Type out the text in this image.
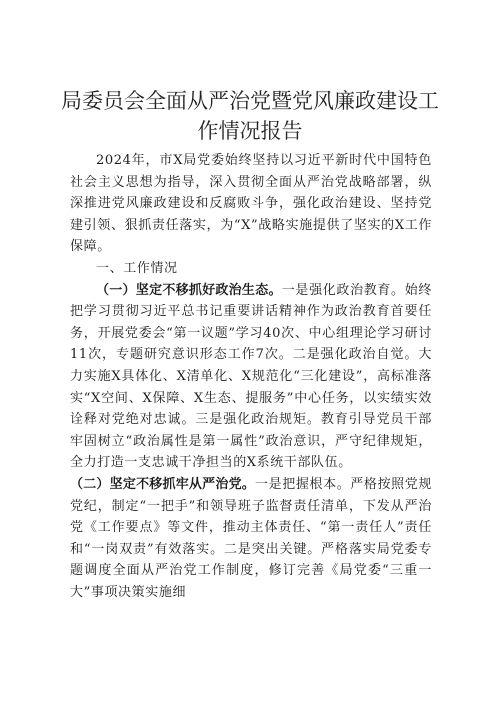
局委员会全面从严治党暨党风廉政建设工作情况报告

2024年，市X局党委始终坚持以习近平新时代中国特色社会主义思想为指导，深入贯彻全面从严治党战略部署，纵深推进党风廉政建设和反腐败斗争，强化政治建设、坚持党建引领、狠抓责任落实，为“X”战略实施提供了坚实的X工作保障。

一、工作情况

（一）坚定不移抓好政治生态。一是强化政治教育。始终把学习贯彻习近平总书记重要讲话精神作为政治教育首要任务，开展党委会“第一议题”学习40次、中心组理论学习研讨11次，专题研究意识形态工作7次。二是强化政治自觉。大力实施X具体化、X清单化、X规范化“三化建设”，高标准落实“X空间、X保障、X生态、提服务”中心任务，以实绩实效诠释对党绝对忠诚。三是强化政治规矩。教育引导党员干部牢固树立“政治属性是第一属性”政治意识，严守纪律规矩，全力打造一支忠诚干净担当的X系统干部队伍。

（二）坚定不移抓牢从严治党。一是把握根本。严格按照党规党纪，制定“一把手”和领导班子监督责任清单，下发从严治党《工作要点》等文件，推动主体责任、“第一责任人”责任和“一岗双责”有效落实。二是突出关键。严格落实局党委专题调度全面从严治党工作制度，修订完善《局党委“三重一大”事项决策实施细
